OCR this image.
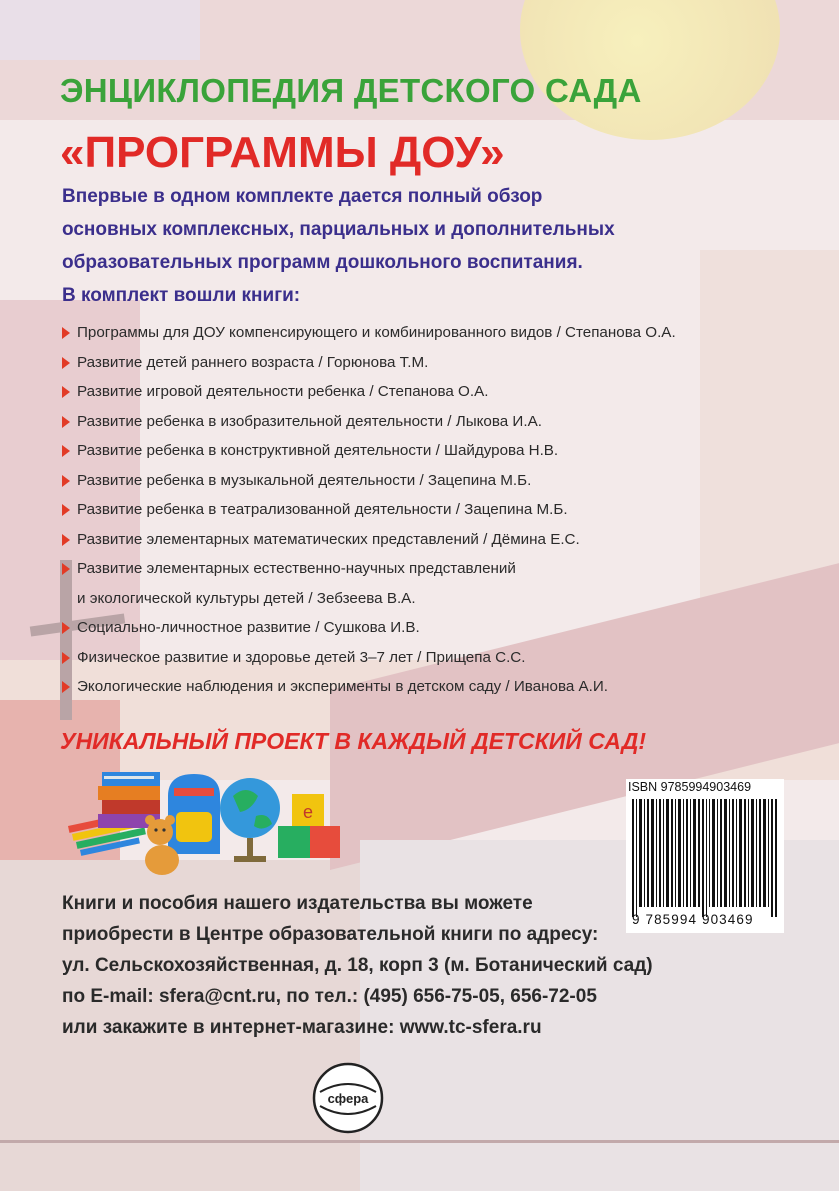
ЭНЦИКЛОПЕДИЯ ДЕТСКОГО САДА
«ПРОГРАММЫ ДОУ»

Впервые в одном комплекте дается полный обзор
основных комплексных, парциальных и дополнительных
образовательных программ дошкольного воспитания.
В комплект вошли книги:

Программы для ДОУ компенсирующего и комбинированного видов / Степанова О.А.
Развитие детей раннего возраста / Горюнова Т.М.
Развитие игровой деятельности ребенка / Степанова О.А.
Развитие ребенка в изобразительной деятельности / Лыкова И.А.
Развитие ребенка в конструктивной деятельности / Шайдурова Н.В.
Развитие ребенка в музыкальной деятельности / Зацепина М.Б.
Развитие ребенка в театрализованной деятельности / Зацепина М.Б.
Развитие элементарных математических представлений / Дёмина Е.С.
Развитие элементарных естественно-научных представлений
и экологической культуры детей / Зебзеева В.А.
Социально-личностное развитие / Сушкова И.В.
Физическое развитие и здоровье детей 3–7 лет / Прищепа С.С.
Экологические наблюдения и эксперименты в детском саду / Иванова А.И.
УНИКАЛЬНЫЙ ПРОЕКТ В КАЖДЫЙ ДЕТСКИЙ САД!
е
ISBN 9785994903469
9 785994 903469

Книги и пособия нашего издательства вы можете
приобрести в Центре образовательной книги по адресу:
ул. Сельскохозяйственная, д. 18, корп 3 (м. Ботанический сад)
по E-mail: sfera@cnt.ru, по тел.: (495) 656-75-05, 656-72-05
или закажите в интернет-магазине: www.tc-sfera.ru

сфера
